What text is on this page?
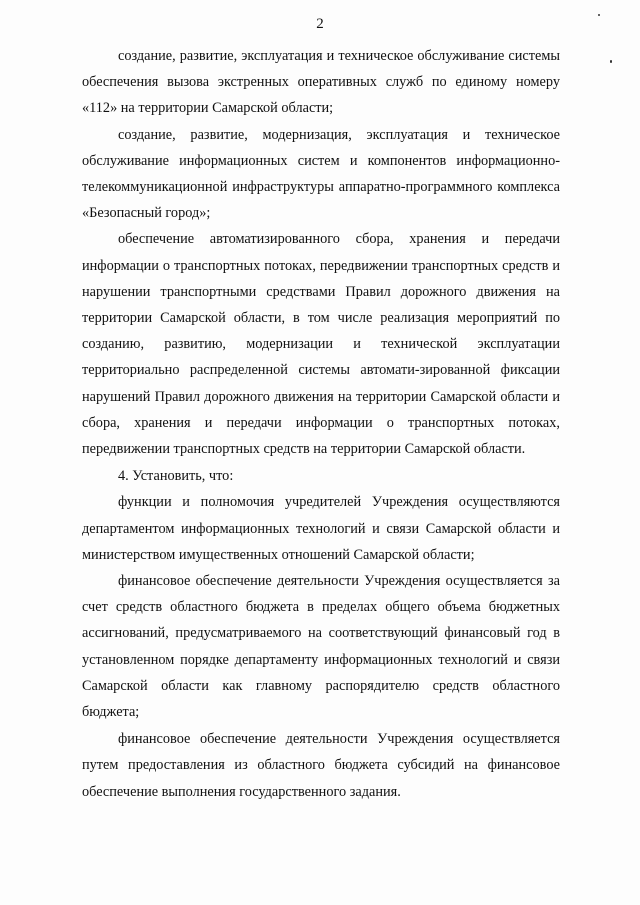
2

создание, развитие, эксплуатация и техническое обслуживание системы обеспечения вызова экстренных оперативных служб по единому номеру «112» на территории Самарской области;

создание, развитие, модернизация, эксплуатация и техническое обслуживание информационных систем и компонентов информационно-телекоммуникационной инфраструктуры аппаратно-программного комплекса «Безопасный город»;

обеспечение автоматизированного сбора, хранения и передачи информации о транспортных потоках, передвижении транспортных средств и нарушении транспортными средствами Правил дорожного движения на территории Самарской области, в том числе реализация мероприятий по созданию, развитию, модернизации и технической эксплуатации территориально распределенной системы автомати-зированной фиксации нарушений Правил дорожного движения на территории Самарской области и сбора, хранения и передачи информации о транспортных потоках, передвижении транспортных средств на территории Самарской области.

4. Установить, что:

функции и полномочия учредителей Учреждения осуществляются департаментом информационных технологий и связи Самарской области и министерством имущественных отношений Самарской области;

финансовое обеспечение деятельности Учреждения осуществляется за счет средств областного бюджета в пределах общего объема бюджетных ассигнований, предусматриваемого на соответствующий финансовый год в установленном порядке департаменту информационных технологий и связи Самарской области как главному распорядителю средств областного бюджета;

финансовое обеспечение деятельности Учреждения осуществляется путем предоставления из областного бюджета субсидий на финансовое обеспечение выполнения государственного задания.
